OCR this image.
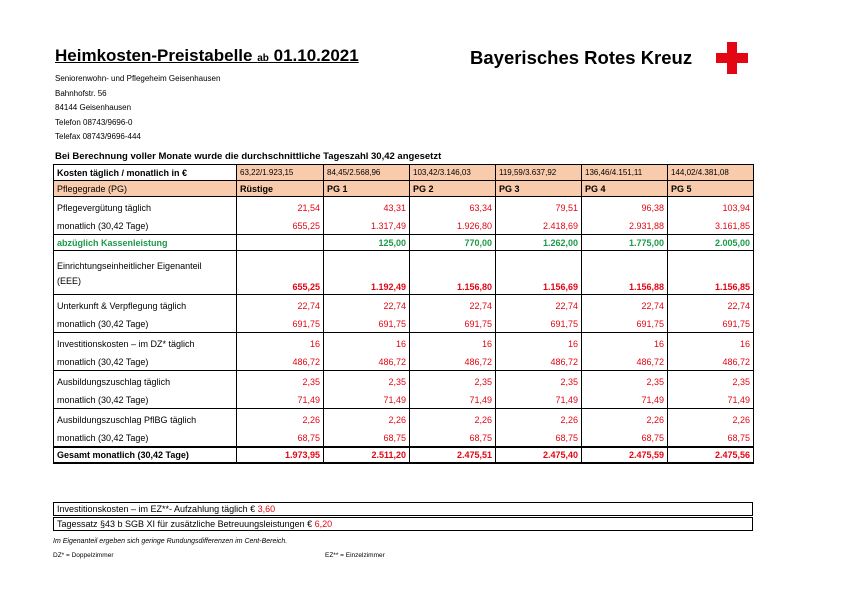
Heimkosten-Preistabelle ab 01.10.2021
Seniorenwohn- und Pflegeheim Geisenhausen
Bahnhofstr. 56
84144 Geisenhausen
Telefon 08743/9696-0
Telefax 08743/9696-444
Bayerisches Rotes Kreuz
Bei Berechnung voller Monate wurde die durchschnittliche Tageszahl 30,42 angesetzt
Kosten täglich / monatlich in €	63,22/1.923,15	84,45/2.568,96	103,42/3.146,03	119,59/3.637,92	136,46/4.151,11	144,02/4.381,08
Pflegegrade (PG)	Rüstige	PG 1	PG 2	PG 3	PG 4	PG 5
Pflegevergütung täglich	21,54	43,31	63,34	79,51	96,38	103,94
monatlich (30,42 Tage)	655,25	1.317,49	1.926,80	2.418,69	2.931,88	3.161,85
abzüglich Kassenleistung		125,00	770,00	1.262,00	1.775,00	2.005,00

Einrichtungseinheitlicher Eigenanteil
(EEE)	655,25	1.192,49	1.156,80	1.156,69	1.156,88	1.156,85
Unterkunft & Verpflegung täglich	22,74	22,74	22,74	22,74	22,74	22,74
monatlich (30,42 Tage)	691,75	691,75	691,75	691,75	691,75	691,75
Investitionskosten – im DZ* täglich	16	16	16	16	16	16
monatlich (30,42 Tage)	486,72	486,72	486,72	486,72	486,72	486,72
Ausbildungszuschlag täglich	2,35	2,35	2,35	2,35	2,35	2,35
monatlich (30,42 Tage)	71,49	71,49	71,49	71,49	71,49	71,49
Ausbildungszuschlag PflBG täglich	2,26	2,26	2,26	2,26	2,26	2,26
monatlich (30,42 Tage)	68,75	68,75	68,75	68,75	68,75	68,75
Gesamt monatlich (30,42 Tage)	1.973,95	2.511,20	2.475,51	2.475,40	2.475,59	2.475,56
Investitionskosten – im EZ**- Aufzahlung täglich € 3,60
Tagessatz §43 b SGB XI für zusätzliche Betreuungsleistungen € 6,20
Im Eigenanteil ergeben sich geringe Rundungsdifferenzen im Cent-Bereich.
DZ* = Doppelzimmer	EZ** = Einzelzimmer
